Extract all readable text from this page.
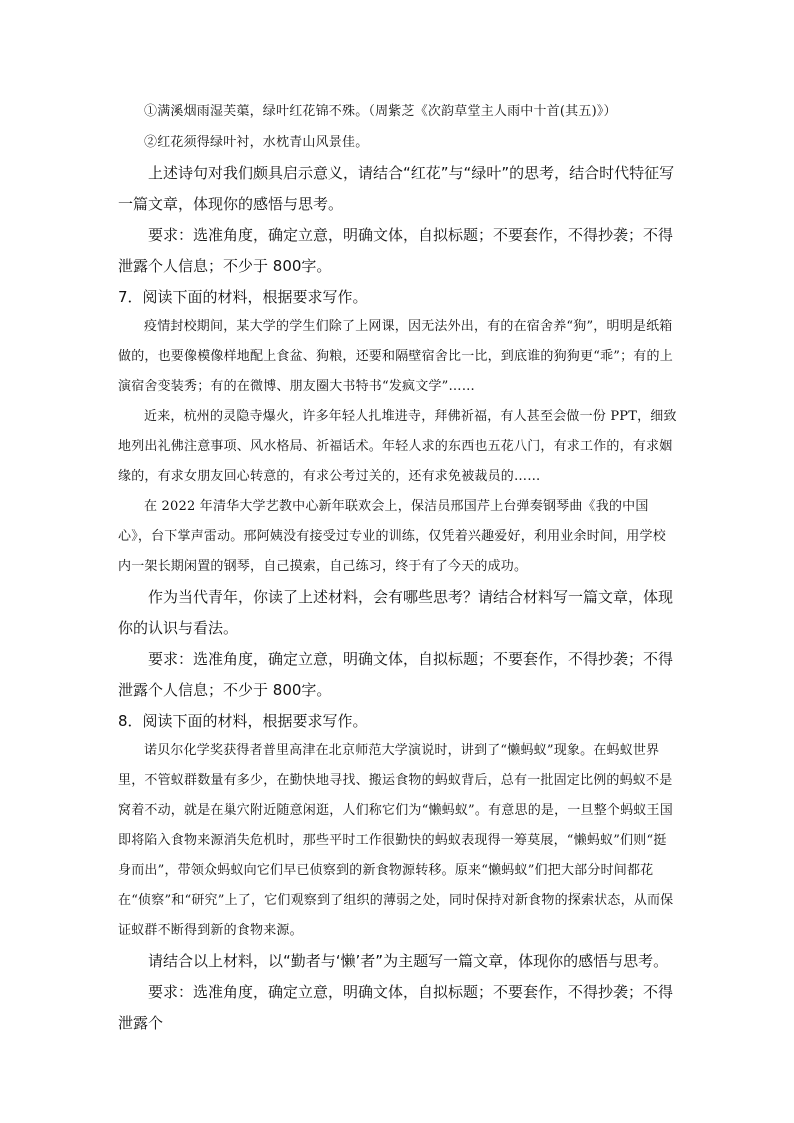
①满溪烟雨湿芙蕖，绿叶红花锦不殊。（周紫芝《次韵草堂主人雨中十首(其五)》）

②红花须得绿叶衬，水枕青山风景佳。

上述诗句对我们颇具启示意义，请结合“红花”与“绿叶”的思考，结合时代特征写一篇文章，体现你的感悟与思考。

要求：选准角度，确定立意，明确文体，自拟标题；不要套作，不得抄袭；不得泄露个人信息；不少于 800字。

7．阅读下面的材料，根据要求写作。

疫情封校期间，某大学的学生们除了上网课，因无法外出，有的在宿舍养“狗”，明明是纸箱做的，也要像模像样地配上食盆、狗粮，还要和隔壁宿舍比一比，到底谁的狗狗更“乖”；有的上演宿舍变装秀；有的在微博、朋友圈大书特书“发疯文学”……

近来，杭州的灵隐寺爆火，许多年轻人扎堆进寺，拜佛祈福，有人甚至会做一份 PPT，细致地列出礼佛注意事项、风水格局、祈福话术。年轻人求的东西也五花八门，有求工作的，有求姻缘的，有求女朋友回心转意的，有求公考过关的，还有求免被裁员的……

在 2022 年清华大学艺教中心新年联欢会上，保洁员邢国芹上台弹奏钢琴曲《我的中国心》，台下掌声雷动。邢阿姨没有接受过专业的训练，仅凭着兴趣爱好，利用业余时间，用学校内一架长期闲置的钢琴，自己摸索，自己练习，终于有了今天的成功。

作为当代青年，你读了上述材料，会有哪些思考？请结合材料写一篇文章，体现你的认识与看法。

要求：选准角度，确定立意，明确文体，自拟标题；不要套作，不得抄袭；不得泄露个人信息；不少于 800字。

8．阅读下面的材料，根据要求写作。

诺贝尔化学奖获得者普里高津在北京师范大学演说时，讲到了“懒蚂蚁”现象。在蚂蚁世界里，不管蚁群数量有多少，在勤快地寻找、搬运食物的蚂蚁背后，总有一批固定比例的蚂蚁不是窝着不动，就是在巢穴附近随意闲逛，人们称它们为“懒蚂蚁”。有意思的是，一旦整个蚂蚁王国即将陷入食物来源消失危机时，那些平时工作很勤快的蚂蚁表现得一筹莫展，“懒蚂蚁”们则“挺身而出”，带领众蚂蚁向它们早已侦察到的新食物源转移。原来“懒蚂蚁”们把大部分时间都花在“侦察”和“研究”上了，它们观察到了组织的薄弱之处，同时保持对新食物的探索状态，从而保证蚁群不断得到新的食物来源。

请结合以上材料，以“勤者与‘懒’者”为主题写一篇文章，体现你的感悟与思考。

要求：选准角度，确定立意，明确文体，自拟标题；不要套作，不得抄袭；不得泄露个
